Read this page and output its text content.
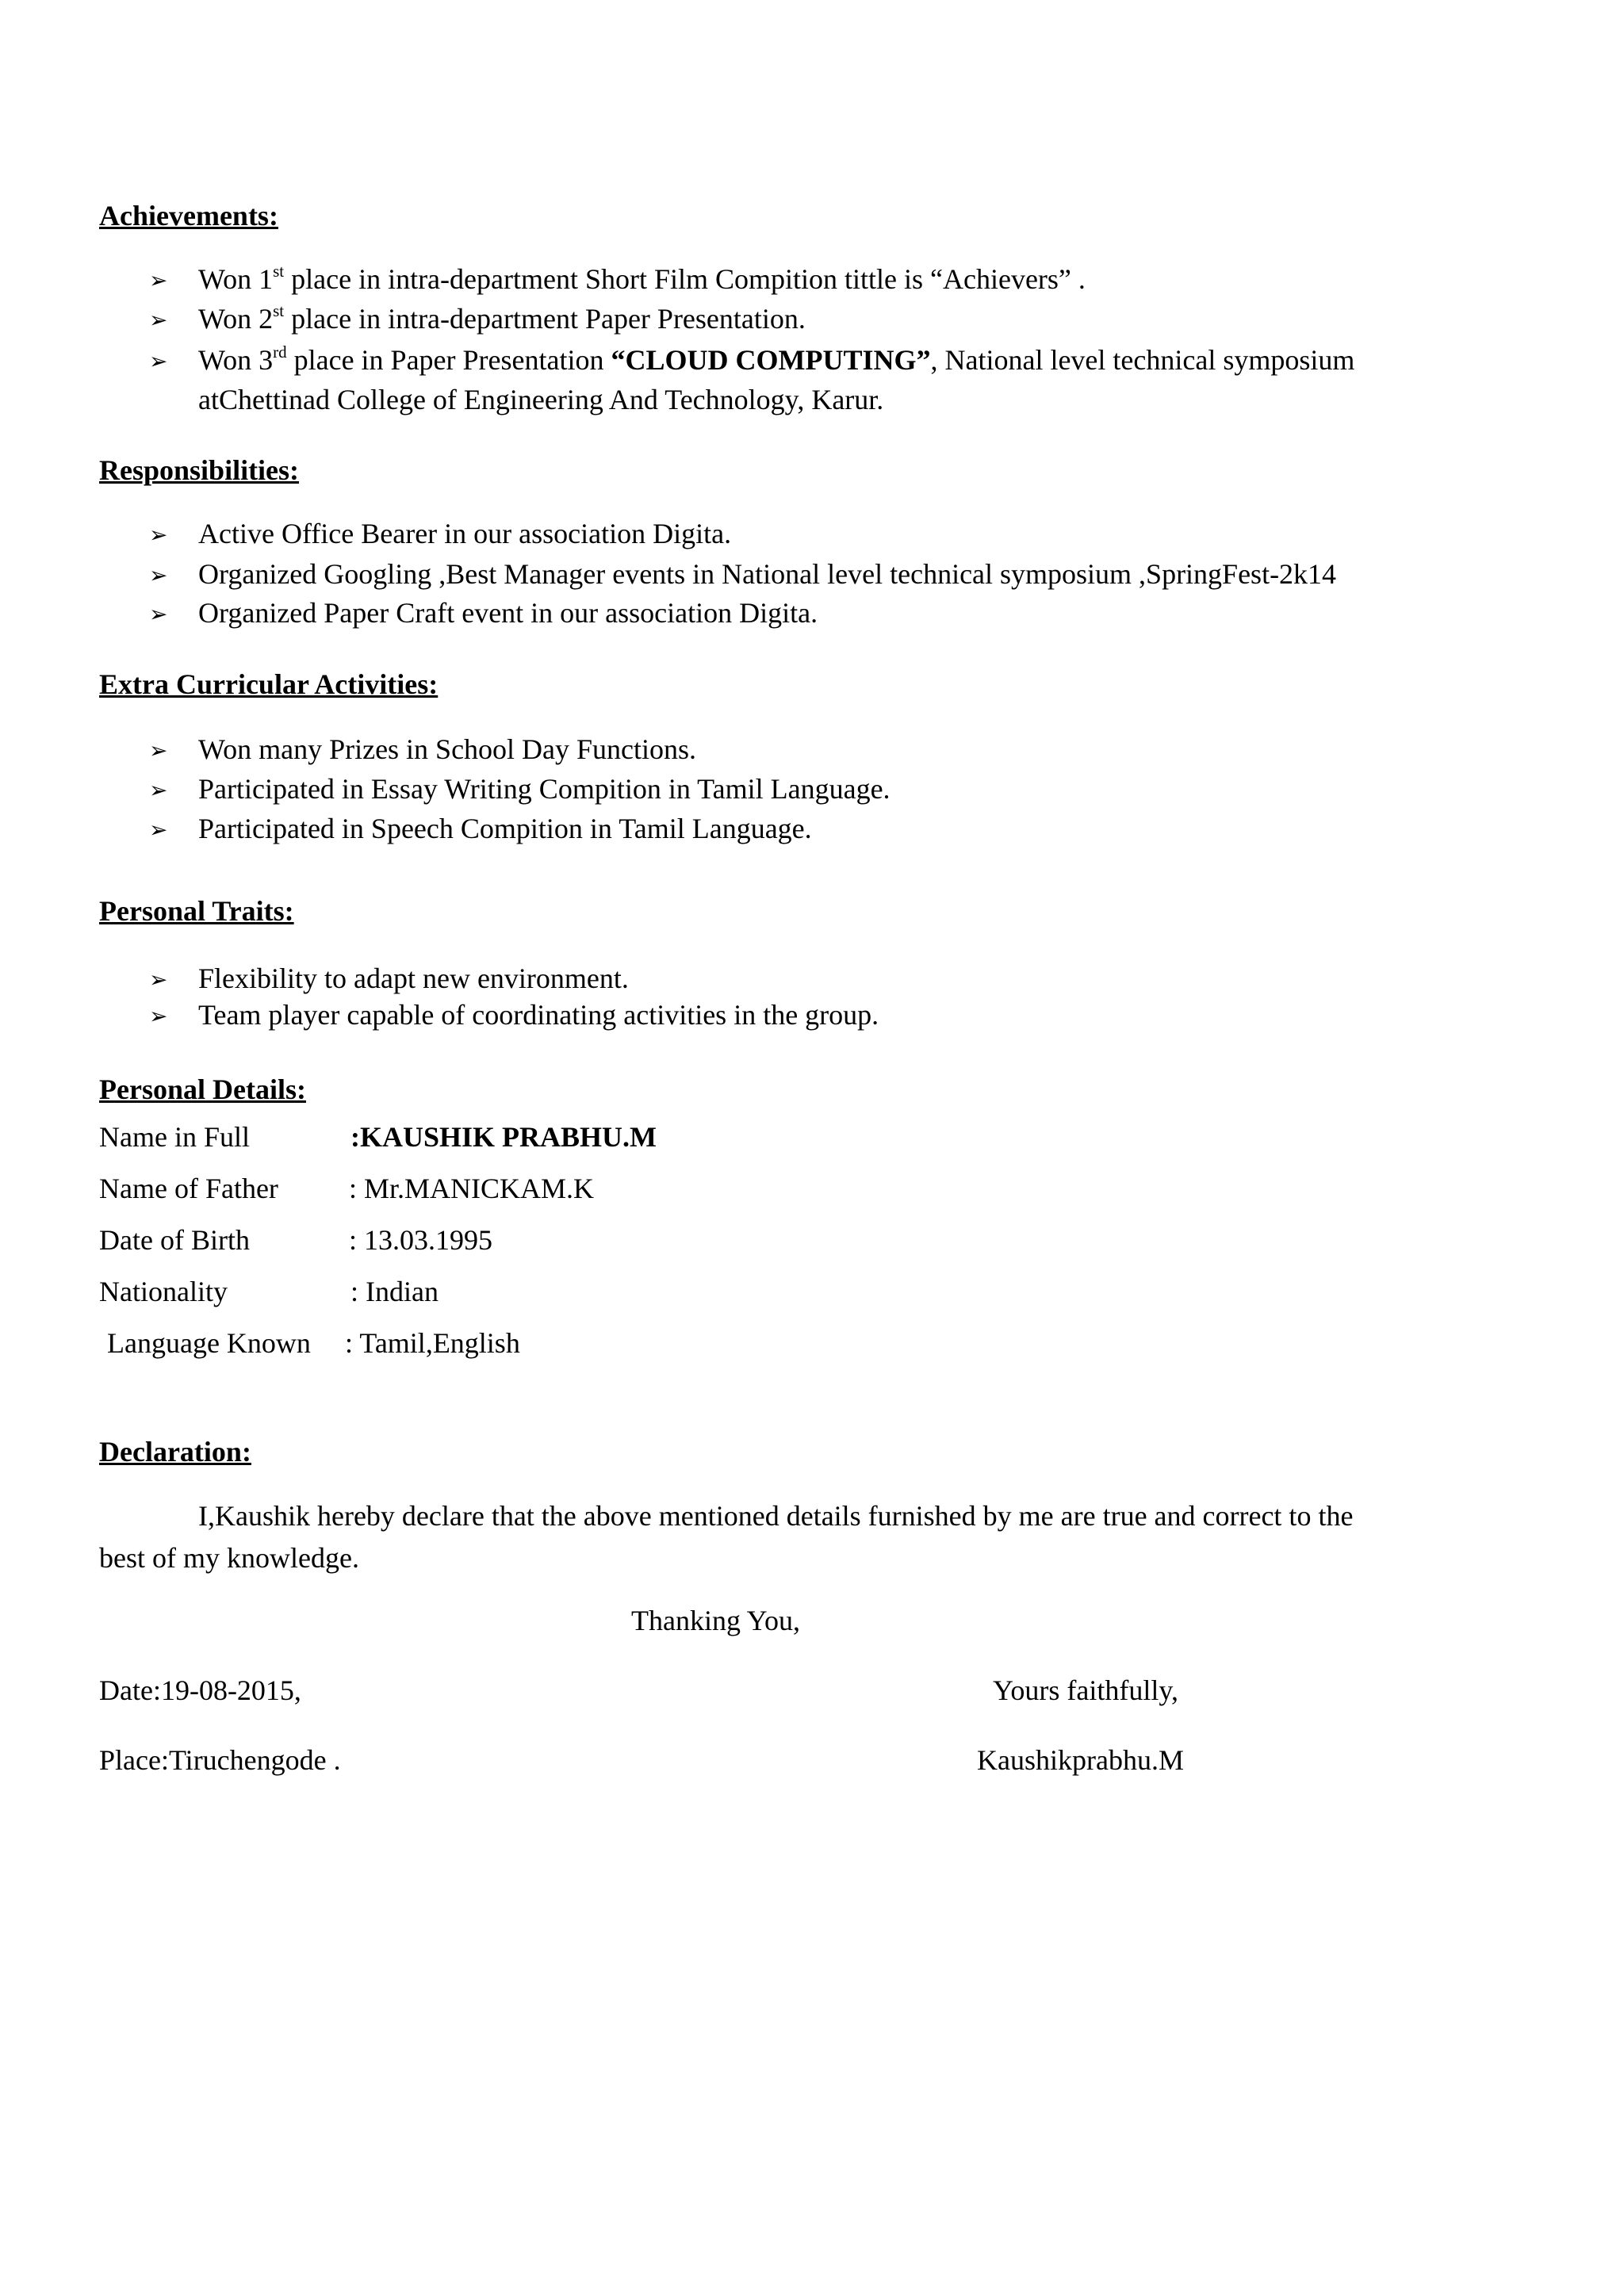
Achievements:
➢ Won 1st place in intra-department Short Film Compition tittle is “Achievers” .

➢ Won 2st place in intra-department Paper Presentation.

➢ Won 3rd place in Paper Presentation “CLOUD COMPUTING”, National level technical symposium

atChettinad College of Engineering And Technology, Karur.

Responsibilities:
➢ Active Office Bearer in our association Digita.

➢ Organized Googling ,Best Manager events in National level technical symposium ,SpringFest-2k14

➢ Organized Paper Craft event in our association Digita.

Extra Curricular Activities:
➢ Won many Prizes in School Day Functions.

➢ Participated in Essay Writing Compition in Tamil Language.

➢ Participated in Speech Compition in Tamil Language.

Personal Traits:
➢ Flexibility to adapt new environment.

➢ Team player capable of coordinating activities in the group.

Personal Details:

Name in Full	:KAUSHIK PRABHU.M

Name of Father : Mr.MANICKAM.K

Date of Birth	: 13.03.1995

Nationality	: Indian

Language Known : Tamil,English

Declaration:

I,Kaushik hereby declare that the above mentioned details furnished by me are true and correct to the

best of my knowledge.

Thanking You,

Date:19-08-2015,	Yours faithfully,

Place:Tiruchengode .	Kaushikprabhu.M
